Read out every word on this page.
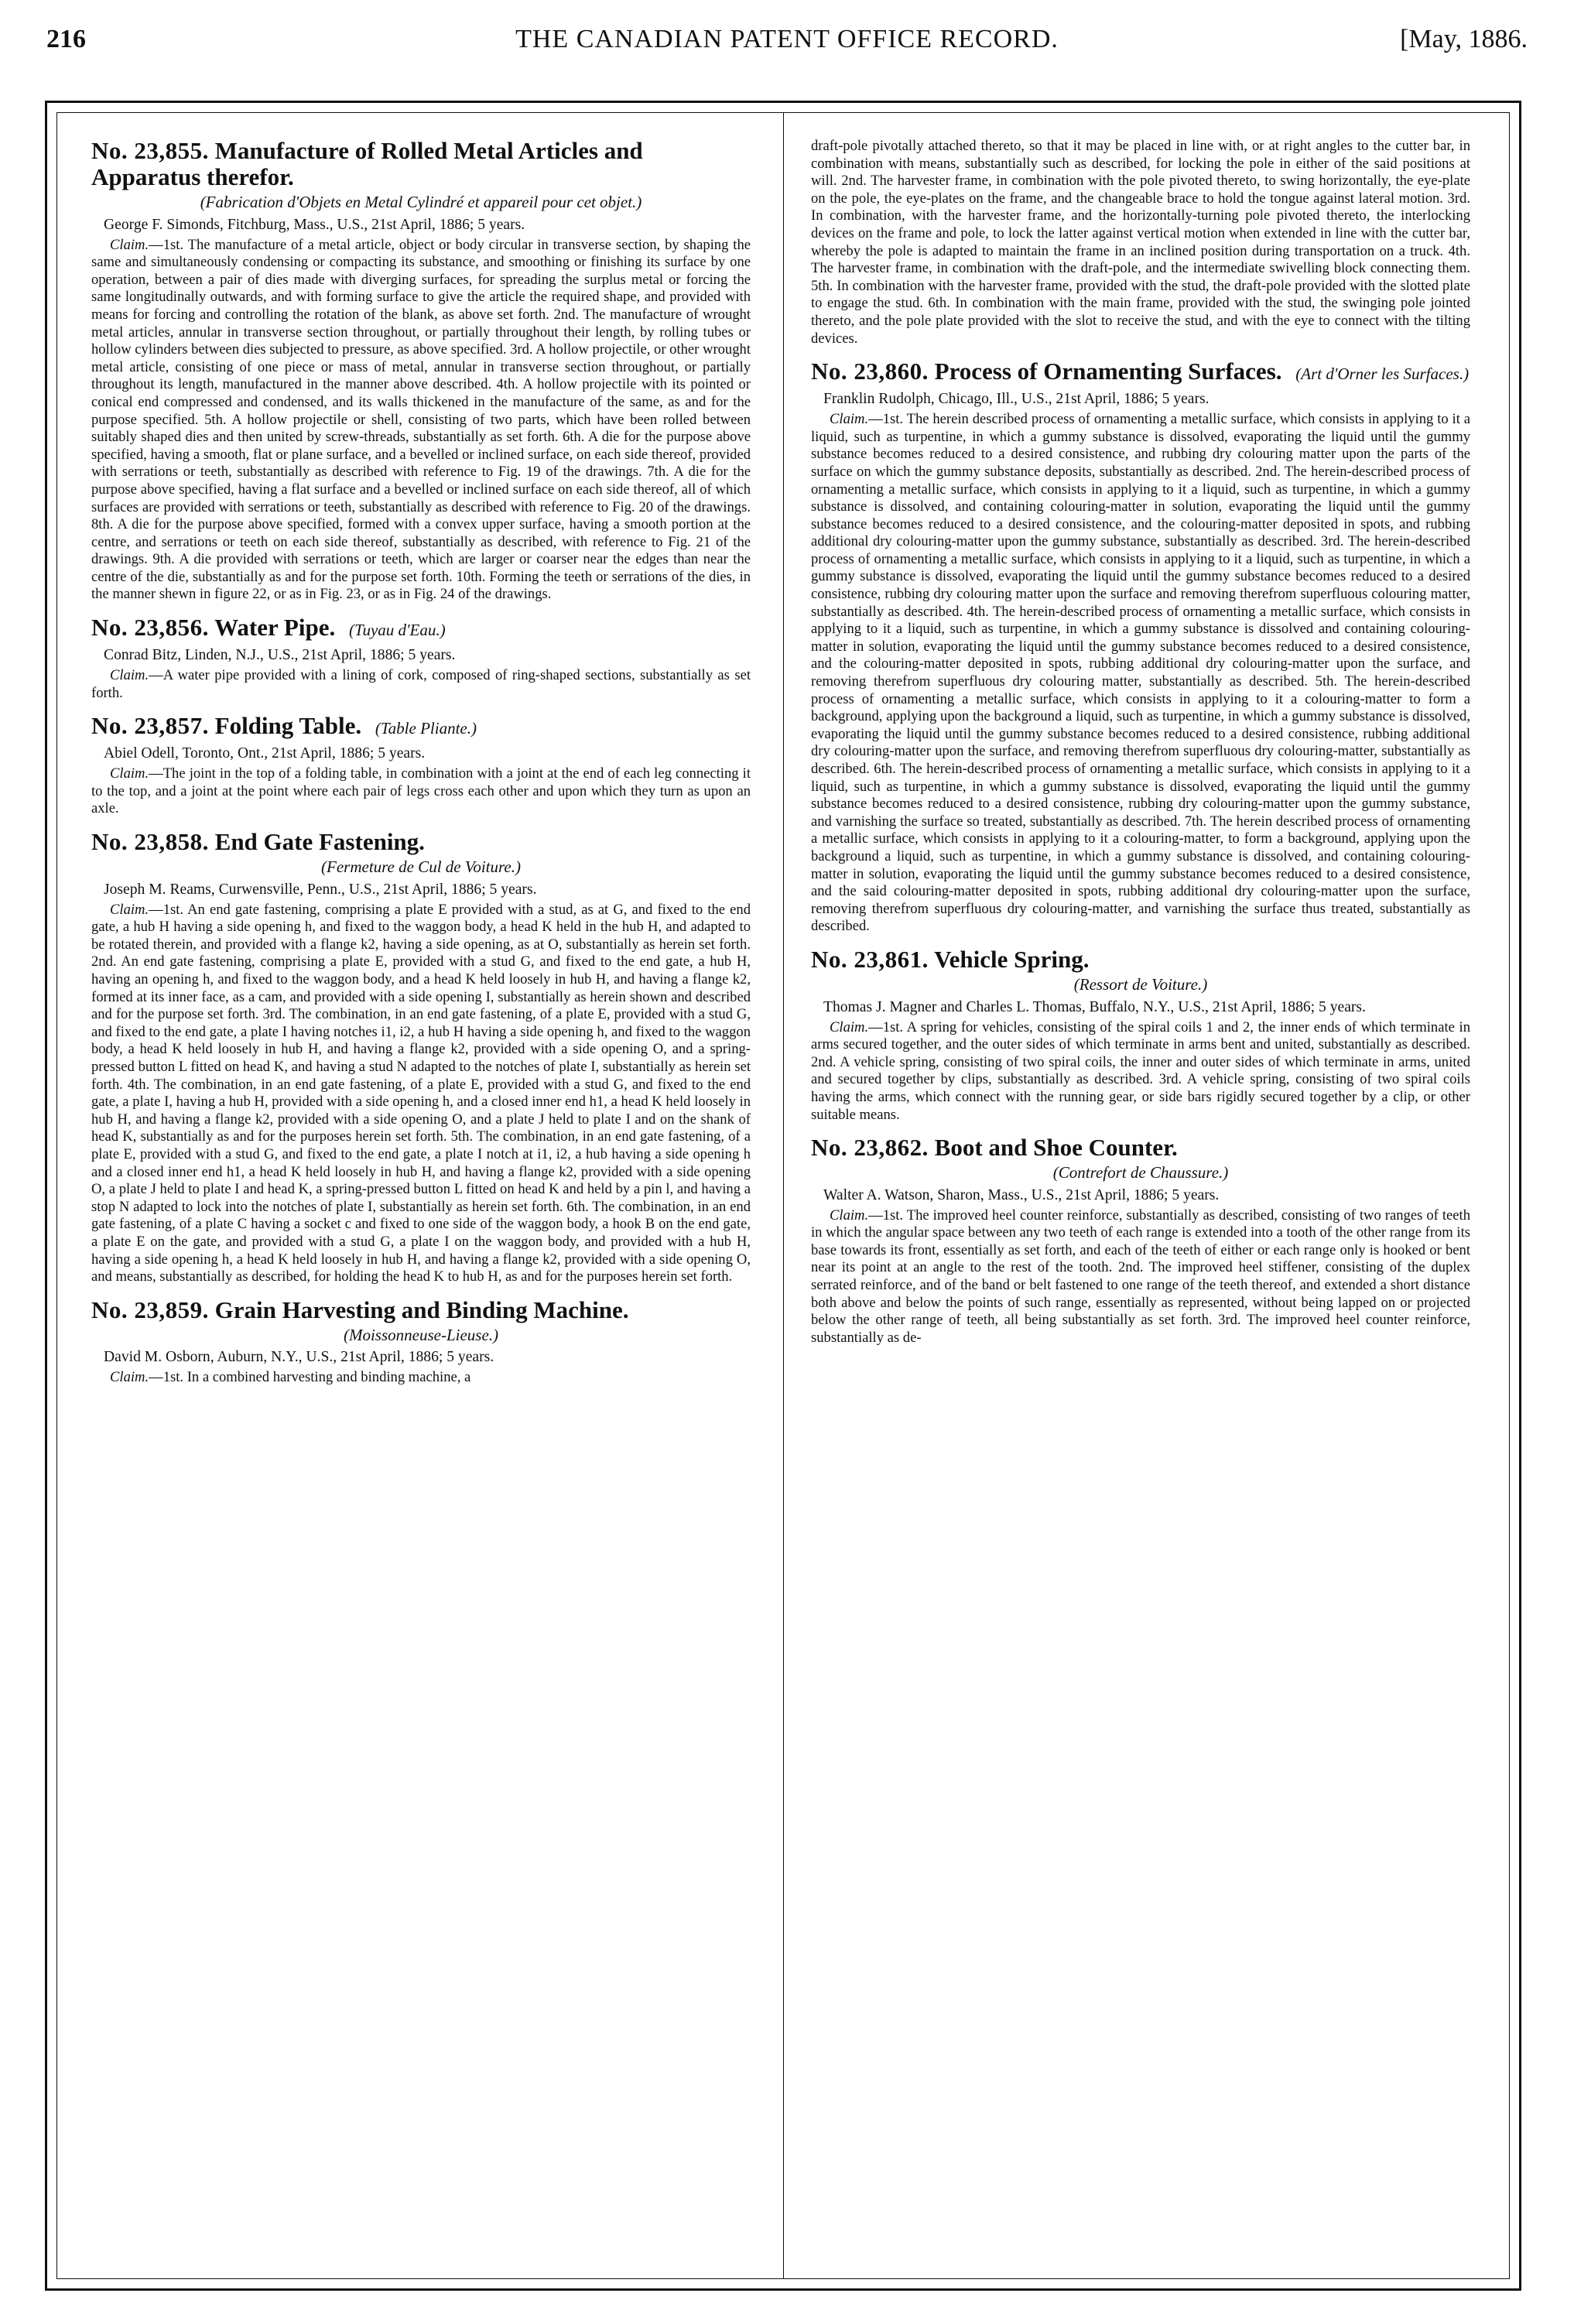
216	THE CANADIAN PATENT OFFICE RECORD.	[May, 1886.
No. 23,855. Manufacture of Rolled Metal Articles and Apparatus therefor.
(Fabrication d'Objets en Metal Cylindré et appareil pour cet objet.)

George F. Simonds, Fitchburg, Mass., U.S., 21st April, 1886; 5 years.

Claim.—1st. The manufacture of a metal article, object or body circular in transverse section, by shaping the same and simultaneously condensing or compacting its substance, and smoothing or finishing its surface by one operation, between a pair of dies made with diverging surfaces, for spreading the surplus metal or forcing the same longitudinally outwards, and with forming surface to give the article the required shape, and provided with means for forcing and controlling the rotation of the blank, as above set forth. 2nd. The manufacture of wrought metal articles, annular in transverse section throughout, or partially throughout their length, by rolling tubes or hollow cylinders between dies subjected to pressure, as above specified. 3rd. A hollow projectile, or other wrought metal article, consisting of one piece or mass of metal, annular in transverse section throughout, or partially throughout its length, manufactured in the manner above described. 4th. A hollow projectile with its pointed or conical end compressed and condensed, and its walls thickened in the manufacture of the same, as and for the purpose specified. 5th. A hollow projectile or shell, consisting of two parts, which have been rolled between suitably shaped dies and then united by screw-threads, substantially as set forth. 6th. A die for the purpose above specified, having a smooth, flat or plane surface, and a bevelled or inclined surface, on each side thereof, provided with serrations or teeth, substantially as described with reference to Fig. 19 of the drawings. 7th. A die for the purpose above specified, having a flat surface and a bevelled or inclined surface on each side thereof, all of which surfaces are provided with serrations or teeth, substantially as described with reference to Fig. 20 of the drawings. 8th. A die for the purpose above specified, formed with a convex upper surface, having a smooth portion at the centre, and serrations or teeth on each side thereof, substantially as described, with reference to Fig. 21 of the drawings. 9th. A die provided with serrations or teeth, which are larger or coarser near the edges than near the centre of the die, substantially as and for the purpose set forth. 10th. Forming the teeth or serrations of the dies, in the manner shewn in figure 22, or as in Fig. 23, or as in Fig. 24 of the drawings.

No. 23,856. Water Pipe. (Tuyau d'Eau.)

Conrad Bitz, Linden, N.J., U.S., 21st April, 1886; 5 years.

Claim.—A water pipe provided with a lining of cork, composed of ring-shaped sections, substantially as set forth.

No. 23,857. Folding Table. (Table Pliante.)

Abiel Odell, Toronto, Ont., 21st April, 1886; 5 years.

Claim.—The joint in the top of a folding table, in combination with a joint at the end of each leg connecting it to the top, and a joint at the point where each pair of legs cross each other and upon which they turn as upon an axle.

No. 23,858. End Gate Fastening.
(Fermeture de Cul de Voiture.)

Joseph M. Reams, Curwensville, Penn., U.S., 21st April, 1886; 5 years.

Claim.—1st. An end gate fastening, comprising a plate E provided with a stud, as at G, and fixed to the end gate, a hub H having a side opening h, and fixed to the waggon body, a head K held in the hub H, and adapted to be rotated therein, and provided with a flange k2, having a side opening, as at O, substantially as herein set forth. 2nd. An end gate fastening, comprising a plate E, provided with a stud G, and fixed to the end gate, a hub H, having an opening h, and fixed to the waggon body, and a head K held loosely in hub H, and having a flange k2, formed at its inner face, as a cam, and provided with a side opening I, substantially as herein shown and described and for the purpose set forth. 3rd. The combination, in an end gate fastening, of a plate E, provided with a stud G, and fixed to the end gate, a plate I having notches i1, i2, a hub H having a side opening h, and fixed to the waggon body, a head K held loosely in hub H, and having a flange k2, provided with a side opening O, and a spring-pressed button L fitted on head K, and having a stud N adapted to the notches of plate I, substantially as herein set forth. 4th. The combination, in an end gate fastening, of a plate E, provided with a stud G, and fixed to the end gate, a plate I, having a hub H, provided with a side opening h, and a closed inner end h1, a head K held loosely in hub H, and having a flange k2, provided with a side opening O, and a plate J held to plate I and on the shank of head K, substantially as and for the purposes herein set forth. 5th. The combination, in an end gate fastening, of a plate E, provided with a stud G, and fixed to the end gate, a plate I notch at i1, i2, a hub having a side opening h and a closed inner end h1, a head K held loosely in hub H, and having a flange k2, provided with a side opening O, a plate J held to plate I and head K, a spring-pressed button L fitted on head K and held by a pin l, and having a stop N adapted to lock into the notches of plate I, substantially as herein set forth. 6th. The combination, in an end gate fastening, of a plate C having a socket c and fixed to one side of the waggon body, a hook B on the end gate, a plate E on the gate, and provided with a stud G, a plate I on the waggon body, and provided with a hub H, having a side opening h, a head K held loosely in hub H, and having a flange k2, provided with a side opening O, and means, substantially as described, for holding the head K to hub H, as and for the purposes herein set forth.

No. 23,859. Grain Harvesting and Binding Machine.
(Moissonneuse-Lieuse.)

David M. Osborn, Auburn, N.Y., U.S., 21st April, 1886; 5 years.

Claim.—1st. In a combined harvesting and binding machine, a

draft-pole pivotally attached thereto, so that it may be placed in line with, or at right angles to the cutter bar, in combination with means, substantially such as described, for locking the pole in either of the said positions at will. 2nd. The harvester frame, in combination with the pole pivoted thereto, to swing horizontally, the eye-plate on the pole, the eye-plates on the frame, and the changeable brace to hold the tongue against lateral motion. 3rd. In combination, with the harvester frame, and the horizontally-turning pole pivoted thereto, the interlocking devices on the frame and pole, to lock the latter against vertical motion when extended in line with the cutter bar, whereby the pole is adapted to maintain the frame in an inclined position during transportation on a truck. 4th. The harvester frame, in combination with the draft-pole, and the intermediate swivelling block connecting them. 5th. In combination with the harvester frame, provided with the stud, the draft-pole provided with the slotted plate to engage the stud. 6th. In combination with the main frame, provided with the stud, the swinging pole jointed thereto, and the pole plate provided with the slot to receive the stud, and with the eye to connect with the tilting devices.

No. 23,860. Process of Ornamenting Surfaces. (Art d'Orner les Surfaces.)

Franklin Rudolph, Chicago, Ill., U.S., 21st April, 1886; 5 years.

Claim.—1st. The herein described process of ornamenting a metallic surface, which consists in applying to it a liquid, such as turpentine, in which a gummy substance is dissolved, evaporating the liquid until the gummy substance becomes reduced to a desired consistence, and rubbing dry colouring matter upon the parts of the surface on which the gummy substance deposits, substantially as described. 2nd. The herein-described process of ornamenting a metallic surface, which consists in applying to it a liquid, such as turpentine, in which a gummy substance is dissolved, and containing colouring-matter in solution, evaporating the liquid until the gummy substance becomes reduced to a desired consistence, and the colouring-matter deposited in spots, and rubbing additional dry colouring-matter upon the gummy substance, substantially as described. 3rd. The herein-described process of ornamenting a metallic surface, which consists in applying to it a liquid, such as turpentine, in which a gummy substance is dissolved, evaporating the liquid until the gummy substance becomes reduced to a desired consistence, rubbing dry colouring matter upon the surface and removing therefrom superfluous colouring matter, substantially as described. 4th. The herein-described process of ornamenting a metallic surface, which consists in applying to it a liquid, such as turpentine, in which a gummy substance is dissolved and containing colouring-matter in solution, evaporating the liquid until the gummy substance becomes reduced to a desired consistence, and the colouring-matter deposited in spots, rubbing additional dry colouring-matter upon the surface, and removing therefrom superfluous dry colouring matter, substantially as described. 5th. The herein-described process of ornamenting a metallic surface, which consists in applying to it a colouring-matter to form a background, applying upon the background a liquid, such as turpentine, in which a gummy substance is dissolved, evaporating the liquid until the gummy substance becomes reduced to a desired consistence, rubbing additional dry colouring-matter upon the surface, and removing therefrom superfluous dry colouring-matter, substantially as described. 6th. The herein-described process of ornamenting a metallic surface, which consists in applying to it a liquid, such as turpentine, in which a gummy substance is dissolved, evaporating the liquid until the gummy substance becomes reduced to a desired consistence, rubbing dry colouring-matter upon the gummy substance, and varnishing the surface so treated, substantially as described. 7th. The herein described process of ornamenting a metallic surface, which consists in applying to it a colouring-matter, to form a background, applying upon the background a liquid, such as turpentine, in which a gummy substance is dissolved, and containing colouring-matter in solution, evaporating the liquid until the gummy substance becomes reduced to a desired consistence, and the said colouring-matter deposited in spots, rubbing additional dry colouring-matter upon the surface, removing therefrom superfluous dry colouring-matter, and varnishing the surface thus treated, substantially as described.

No. 23,861. Vehicle Spring.
(Ressort de Voiture.)

Thomas J. Magner and Charles L. Thomas, Buffalo, N.Y., U.S., 21st April, 1886; 5 years.

Claim.—1st. A spring for vehicles, consisting of the spiral coils 1 and 2, the inner ends of which terminate in arms secured together, and the outer sides of which terminate in arms bent and united, substantially as described. 2nd. A vehicle spring, consisting of two spiral coils, the inner and outer sides of which terminate in arms, united and secured together by clips, substantially as described. 3rd. A vehicle spring, consisting of two spiral coils having the arms, which connect with the running gear, or side bars rigidly secured together by a clip, or other suitable means.

No. 23,862. Boot and Shoe Counter.
(Contrefort de Chaussure.)

Walter A. Watson, Sharon, Mass., U.S., 21st April, 1886; 5 years.

Claim.—1st. The improved heel counter reinforce, substantially as described, consisting of two ranges of teeth in which the angular space between any two teeth of each range is extended into a tooth of the other range from its base towards its front, essentially as set forth, and each of the teeth of either or each range only is hooked or bent near its point at an angle to the rest of the tooth. 2nd. The improved heel stiffener, consisting of the duplex serrated reinforce, and of the band or belt fastened to one range of the teeth thereof, and extended a short distance both above and below the points of such range, essentially as represented, without being lapped on or projected below the other range of teeth, all being substantially as set forth. 3rd. The improved heel counter reinforce, substantially as de-
